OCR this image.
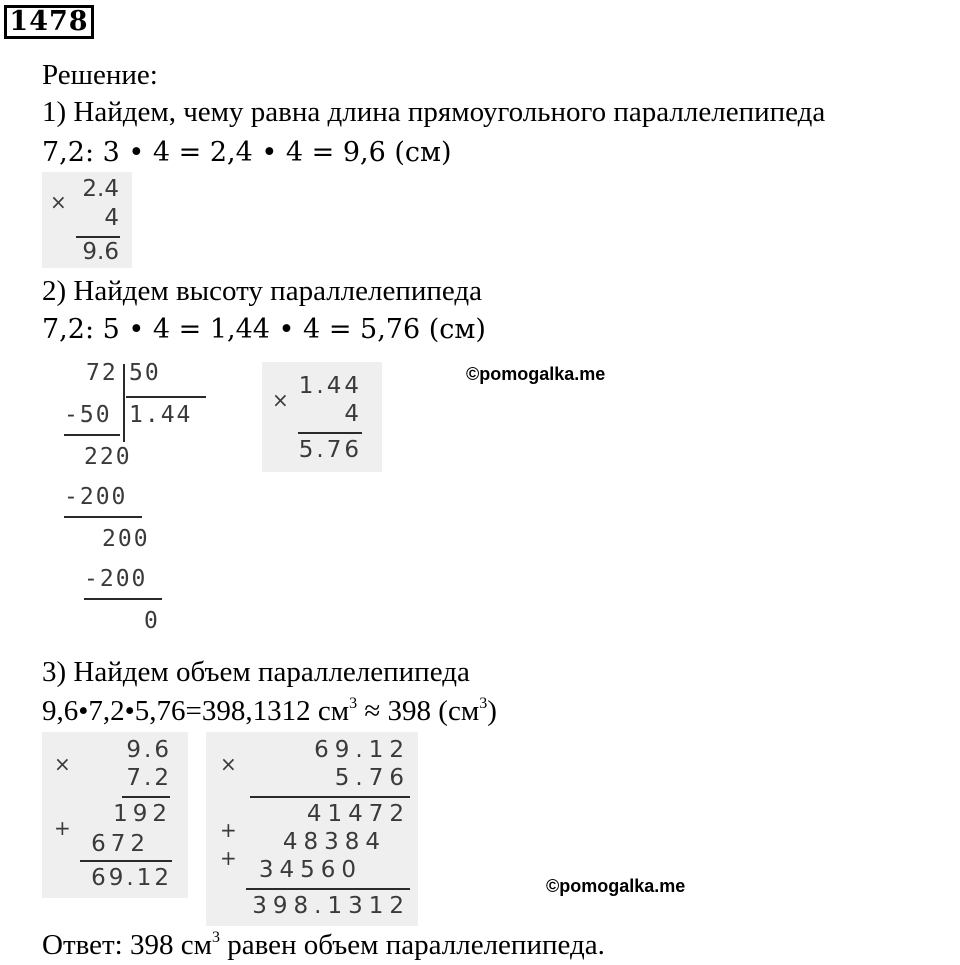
1478
Решение:
1) Найдем, чему равна длина прямоугольного параллелепипеда
7,2: 3 • 4 = 2,4 • 4 = 9,6 (см)
× 2.4
4
9.6
2) Найдем высоту параллелепипеда
7,2: 5 • 4 = 1,44 • 4 = 5,76 (см)
72 50
1.44
-50
220
-200
200
-200
0
×
1.44
4
5.76
©pomogalka.me
3) Найдем объем параллелепипеда
9,6•7,2•5,76=398,1312 $см^3 \approx 398$ $(см^3)$
×
9.6
7.2
192
+
672
69.12
×
69.12
5.76
41472
+	48384
+ 34560
398.1312
©pomogalka.me
Ответ: 398 $см^3$ равен объем параллелепипеда.
